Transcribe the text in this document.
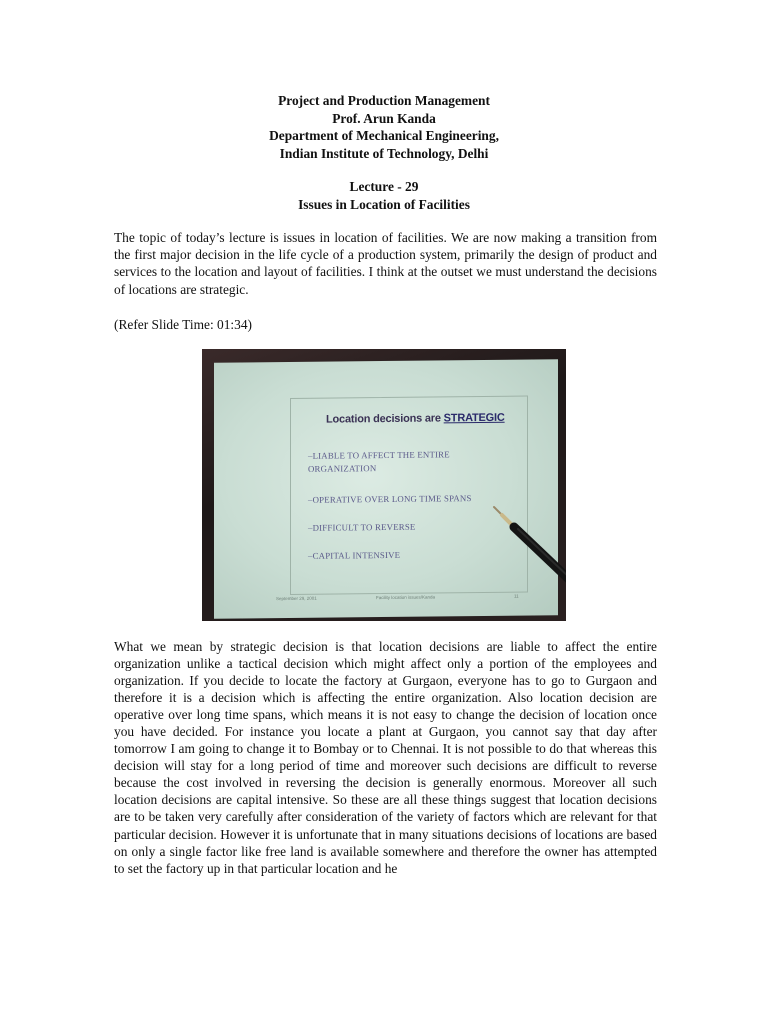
Project and Production Management
Prof. Arun Kanda
Department of Mechanical Engineering,
Indian Institute of Technology, Delhi
Lecture - 29
Issues in Location of Facilities

The topic of today’s lecture is issues in location of facilities. We are now making a transition from the first major decision in the life cycle of a production system, primarily the design of product and services to the location and layout of facilities. I think at the outset we must understand the decisions of locations are strategic.

(Refer Slide Time: 01:34)
Location decisions are STRATEGIC
–LIABLE TO AFFECT THE ENTIRE
ORGANIZATION
–OPERATIVE OVER LONG TIME SPANS
–DIFFICULT TO REVERSE
–CAPITAL INTENSIVE
September 29, 2001	Facility location issues/Kanda	11

What we mean by strategic decision is that location decisions are liable to affect the entire organization unlike a tactical decision which might affect only a portion of the employees and organization. If you decide to locate the factory at Gurgaon, everyone has to go to Gurgaon and therefore it is a decision which is affecting the entire organization. Also location decision are operative over long time spans, which means it is not easy to change the decision of location once you have decided. For instance you locate a plant at Gurgaon, you cannot say that day after tomorrow I am going to change it to Bombay or to Chennai. It is not possible to do that whereas this decision will stay for a long period of time and moreover such decisions are difficult to reverse because the cost involved in reversing the decision is generally enormous. Moreover all such location decisions are capital intensive. So these are all these things suggest that location decisions are to be taken very carefully after consideration of the variety of factors which are relevant for that particular decision. However it is unfortunate that in many situations decisions of locations are based on only a single factor like free land is available somewhere and therefore the owner has attempted to set the factory up in that particular location and he
